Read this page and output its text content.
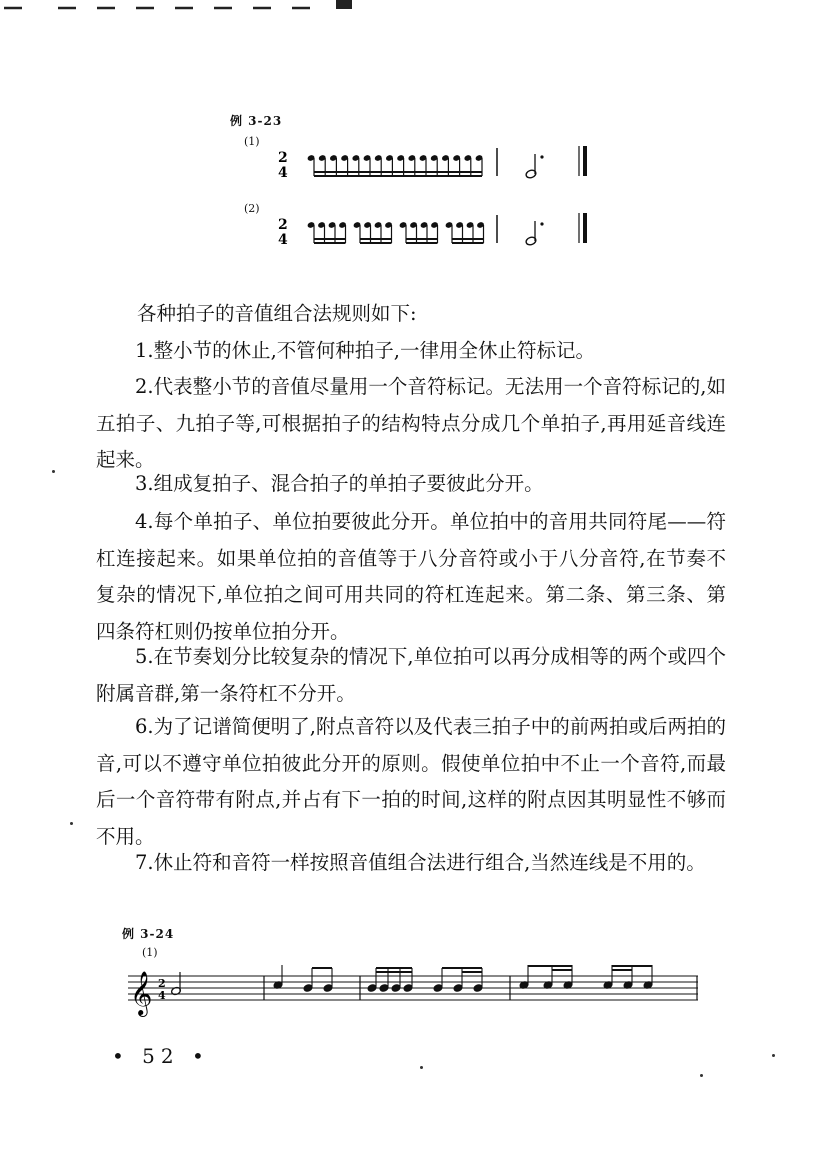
例 3-23
(1)
(2)
2
4
2
4

各种拍子的音值组合法规则如下:

1.整小节的休止,不管何种拍子,一律用全休止符标记。

2.代表整小节的音值尽量用一个音符标记。无法用一个音符标记的,如五拍子、九拍子等,可根据拍子的结构特点分成几个单拍子,再用延音线连起来。

3.组成复拍子、混合拍子的单拍子要彼此分开。

4.每个单拍子、单位拍要彼此分开。单位拍中的音用共同符尾——符杠连接起来。如果单位拍的音值等于八分音符或小于八分音符,在节奏不复杂的情况下,单位拍之间可用共同的符杠连起来。第二条、第三条、第四条符杠则仍按单位拍分开。

5.在节奏划分比较复杂的情况下,单位拍可以再分成相等的两个或四个附属音群,第一条符杠不分开。

6.为了记谱简便明了,附点音符以及代表三拍子中的前两拍或后两拍的音,可以不遵守单位拍彼此分开的原则。假使单位拍中不止一个音符,而最后一个音符带有附点,并占有下一拍的时间,这样的附点因其明显性不够而不用。

7.休止符和音符一样按照音值组合法进行组合,当然连线是不用的。

例 3-24
(1)
𝄞 2
4
• 52 •
